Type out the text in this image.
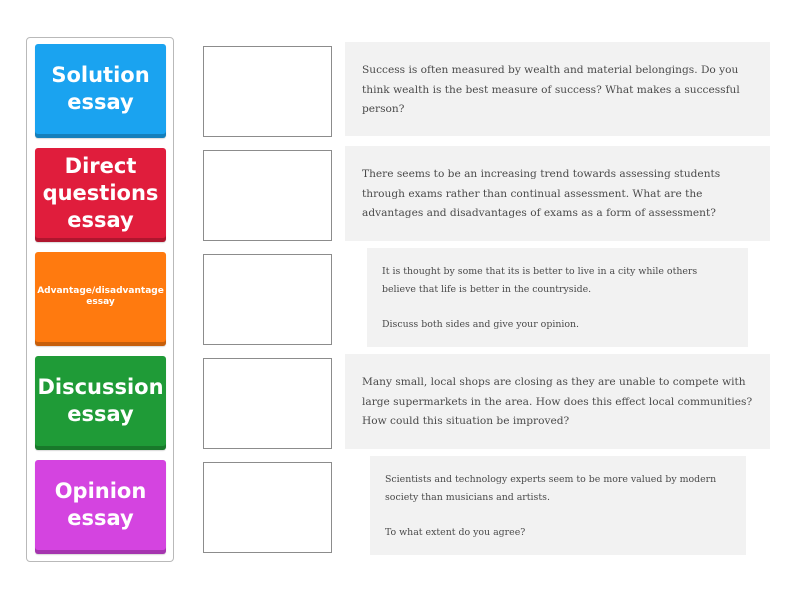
Solution essay
Direct questions essay
Advantage/disadvantage essay
Discussion essay
Opinion essay

Success is often measured by wealth and material belongings. Do you think wealth is the best measure of success? What makes a successful person?

There seems to be an increasing trend towards assessing students through exams rather than continual assessment. What are the advantages and disadvantages of exams as a form of assessment?

It is thought by some that its is better to live in a city while others
believe that life is better in the countryside.

Discuss both sides and give your opinion.

Many small, local shops are closing as they are unable to compete with large supermarkets in the area. How does this effect local communities? How could this situation be improved?

Scientists and technology experts seem to be more valued by modern society than musicians and artists.

To what extent do you agree?
